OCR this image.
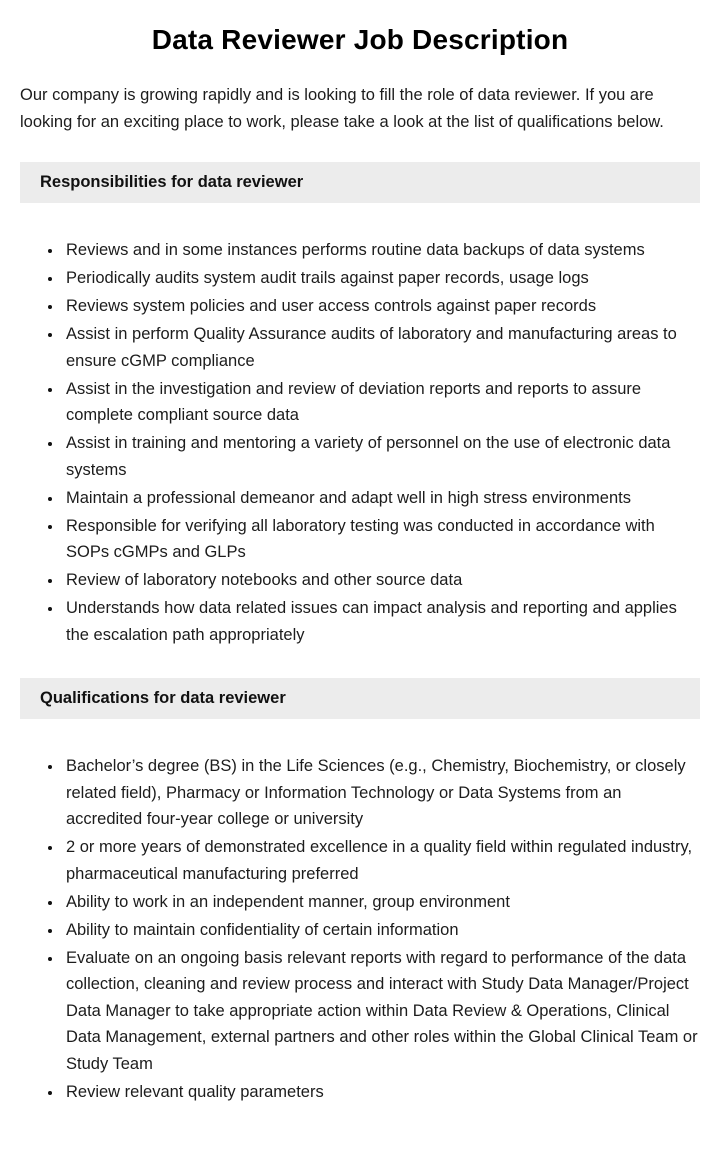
Data Reviewer Job Description

Our company is growing rapidly and is looking to fill the role of data reviewer. If you are looking for an exciting place to work, please take a look at the list of qualifications below.

Responsibilities for data reviewer
• Reviews and in some instances performs routine data backups of data systems
• Periodically audits system audit trails against paper records, usage logs
• Reviews system policies and user access controls against paper records
• Assist in perform Quality Assurance audits of laboratory and manufacturing areas to ensure cGMP compliance
• Assist in the investigation and review of deviation reports and reports to assure complete compliant source data
• Assist in training and mentoring a variety of personnel on the use of electronic data systems
• Maintain a professional demeanor and adapt well in high stress environments
• Responsible for verifying all laboratory testing was conducted in accordance with SOPs cGMPs and GLPs
• Review of laboratory notebooks and other source data
• Understands how data related issues can impact analysis and reporting and applies the escalation path appropriately
Qualifications for data reviewer
• Bachelor’s degree (BS) in the Life Sciences (e.g., Chemistry, Biochemistry, or closely related field), Pharmacy or Information Technology or Data Systems from an accredited four-year college or university
• 2 or more years of demonstrated excellence in a quality field within regulated industry, pharmaceutical manufacturing preferred
• Ability to work in an independent manner, group environment
• Ability to maintain confidentiality of certain information
• Evaluate on an ongoing basis relevant reports with regard to performance of the data collection, cleaning and review process and interact with Study Data Manager/Project Data Manager to take appropriate action within Data Review & Operations, Clinical Data Management, external partners and other roles within the Global Clinical Team or Study Team
• Review relevant quality parameters
